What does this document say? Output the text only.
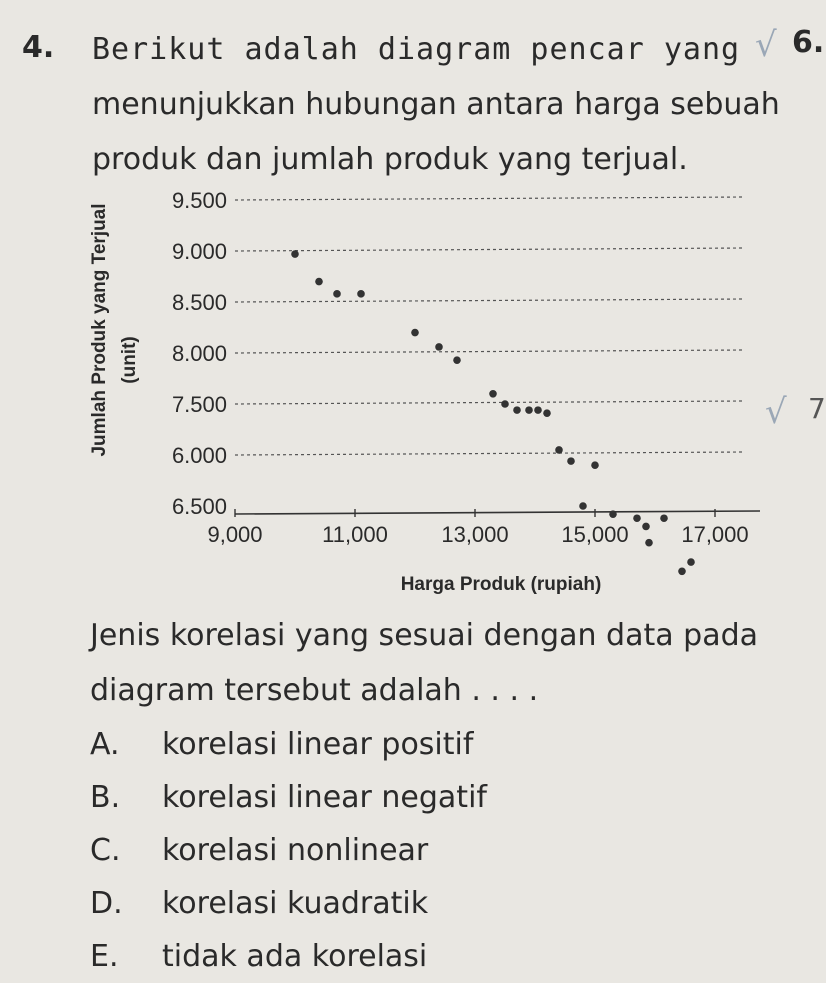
4. Berikut adalah diagram pencar yang
menunjukkan hubungan antara harga sebuah
produk dan jumlah produk yang terjual.
√ 6.
√ 7
9.500
9.000
8.500
8.000
7.500
6.000
6.500
9,000	11,000 13,000 15,000 17,000
Jumlah Produk yang Terjual (unit)
Harga Produk (rupiah)
Jenis korelasi yang sesuai dengan data pada
diagram tersebut adalah . . . .
A. korelasi linear positif
B. korelasi linear negatif
C. korelasi nonlinear
D. korelasi kuadratik
E. tidak ada korelasi
